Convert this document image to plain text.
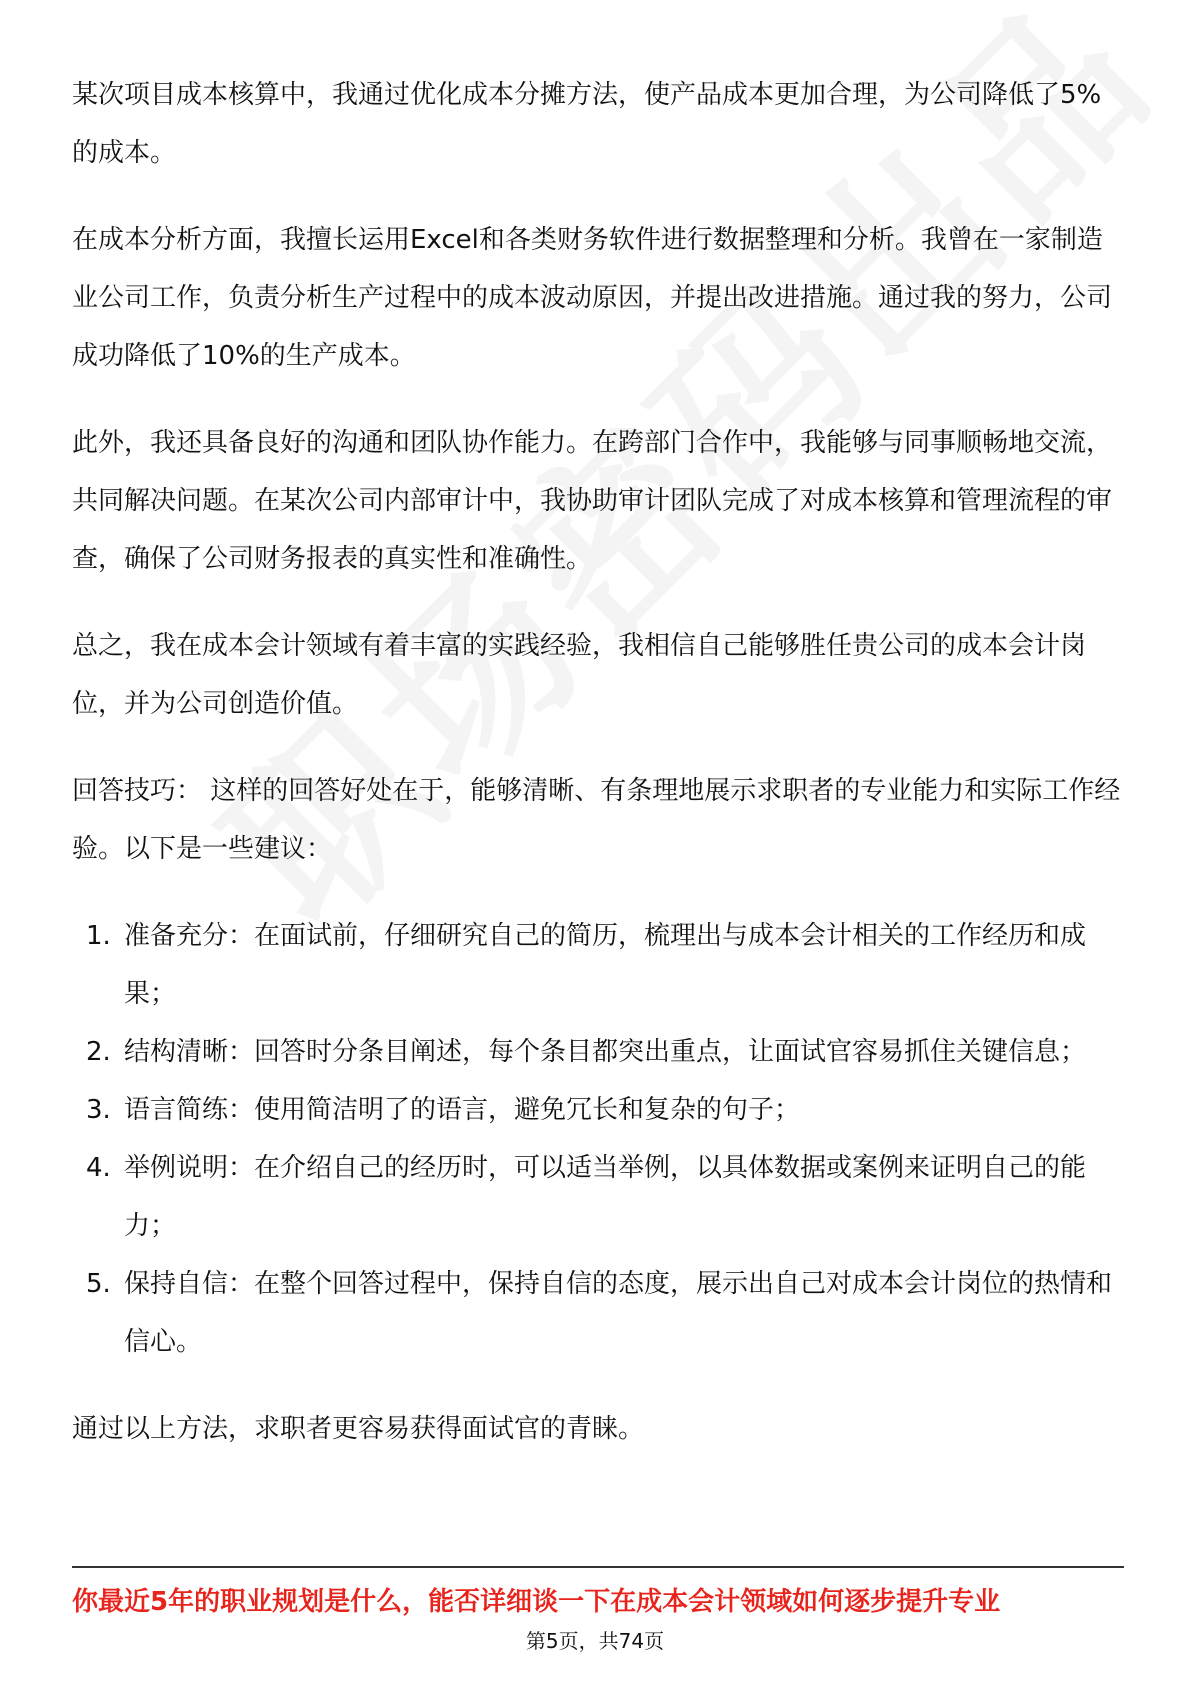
某次项目成本核算中，我通过优化成本分摊方法，使产品成本更加合理，为公司降低了5%的成本。

在成本分析方面，我擅长运用Excel和各类财务软件进行数据整理和分析。我曾在一家制造业公司工作，负责分析生产过程中的成本波动原因，并提出改进措施。通过我的努力，公司成功降低了10%的生产成本。

此外，我还具备良好的沟通和团队协作能力。在跨部门合作中，我能够与同事顺畅地交流，共同解决问题。在某次公司内部审计中，我协助审计团队完成了对成本核算和管理流程的审查，确保了公司财务报表的真实性和准确性。

总之，我在成本会计领域有着丰富的实践经验，我相信自己能够胜任贵公司的成本会计岗位，并为公司创造价值。

回答技巧： 这样的回答好处在于，能够清晰、有条理地展示求职者的专业能力和实际工作经验。以下是一些建议：

1. 准备充分：在面试前，仔细研究自己的简历，梳理出与成本会计相关的工作经历和成果；
2. 结构清晰：回答时分条目阐述，每个条目都突出重点，让面试官容易抓住关键信息；
3. 语言简练：使用简洁明了的语言，避免冗长和复杂的句子；
4. 举例说明：在介绍自己的经历时，可以适当举例，以具体数据或案例来证明自己的能力；
5. 保持自信：在整个回答过程中，保持自信的态度，展示出自己对成本会计岗位的热情和信心。

通过以上方法，求职者更容易获得面试官的青睐。

你最近5年的职业规划是什么，能否详细谈一下在成本会计领域如何逐步提升专业
第5页，共74页
